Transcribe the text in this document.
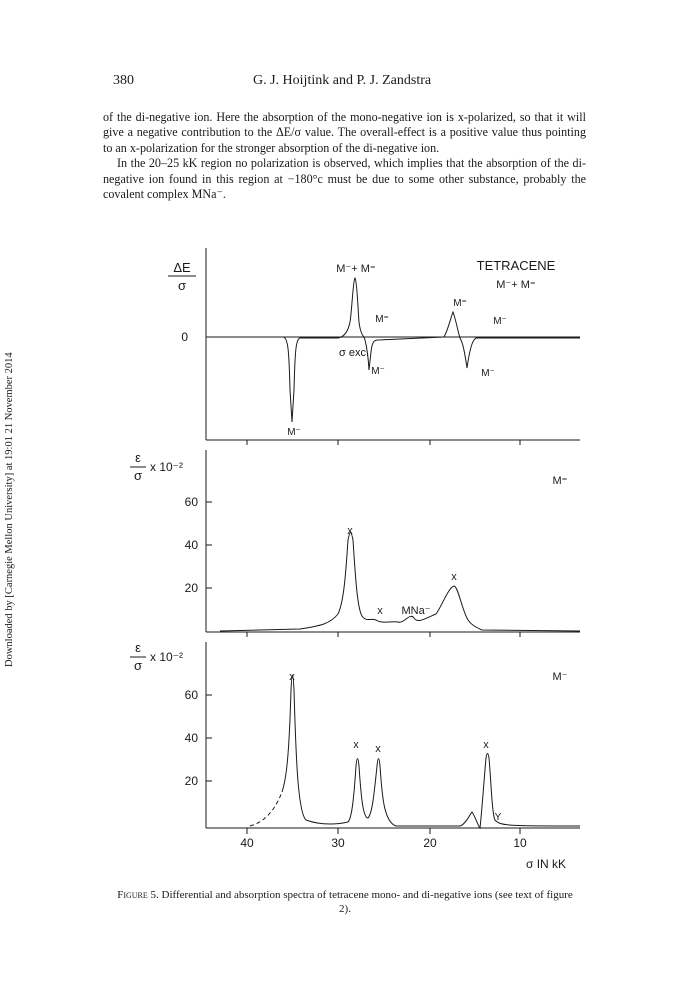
Downloaded by [Carnegie Mellon University] at 19:01 21 November 2014
380	G. J. Hoijtink and P. J. Zandstra

of the di-negative ion. Here the absorption of the mono-negative ion is x-polarized, so that it will give a negative contribution to the ΔE/σ value. The overall-effect is a positive value thus pointing to an x-polarization for the stronger absorption of the di-negative ion.

In the 20–25 kK region no polarization is observed, which implies that the absorption of the di-negative ion found in this region at −180°c must be due to some other substance, probably the covalent complex MNa⁻.

ΔE
σ
0
M⁻+ M⁼	TETRACENE
M⁻+ M⁼
M⁼
M⁼	M⁻
σ exc.
M⁻	M⁻
M⁻
ε
σ
x 10⁻²
M⁼
60
40
20
x
x
x MNa⁻
ε
σ
x 10⁻²
M⁻
60
40
20
x
x x	x
Y
40	30	20	10
σ IN kK
Figure 5. Differential and absorption spectra of tetracene mono- and di-negative ions (see text of figure 2).
